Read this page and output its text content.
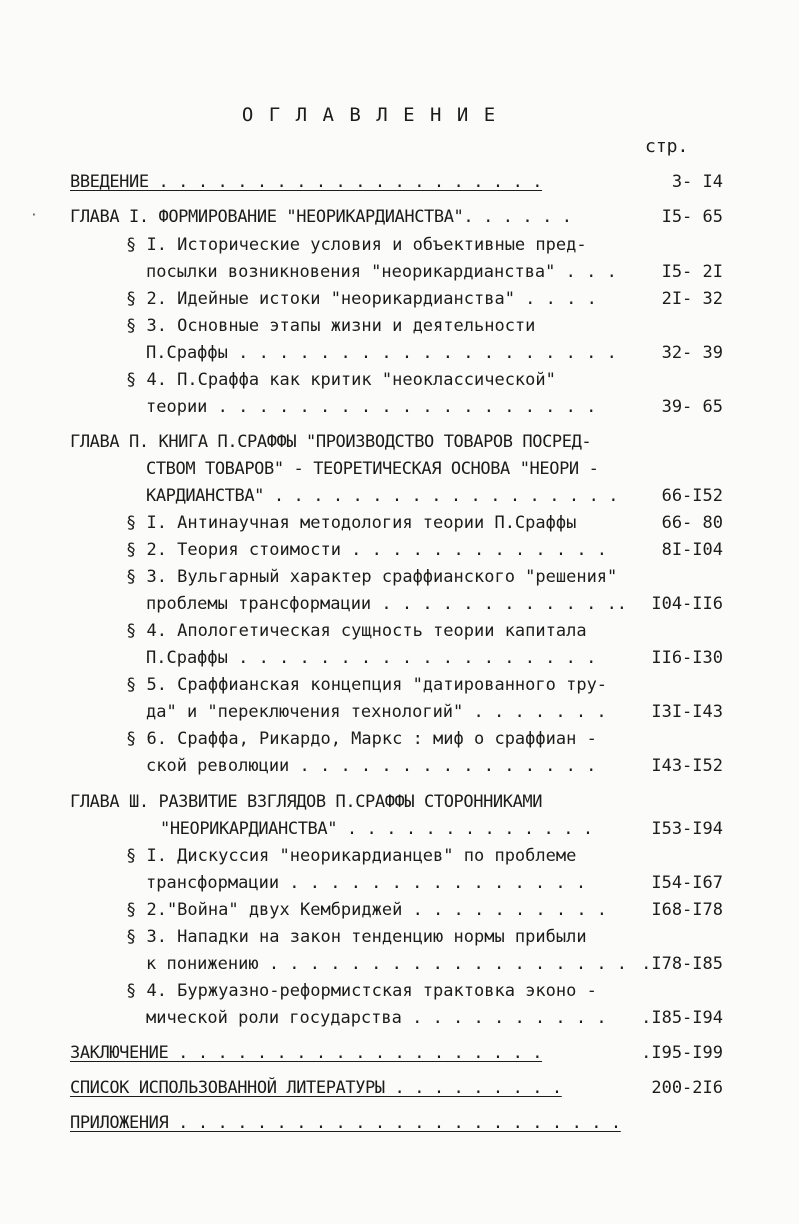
О Г Л А В Л Е Н И Е
стр.
·
ВВЕДЕНИЕ . . . . . . . . . . . . . . . . . . . .	3- I4
ГЛАВА I. ФОРМИРОВАНИЕ "НЕОРИКАРДИАНСТВА". . . . . .	I5- 65
§ I. Исторические условия и объективные пред-
посылки возникновения "неорикардианства" . . .	I5- 2I
§ 2. Идейные истоки "неорикардианства" . . . .	2I- 32
§ 3. Основные этапы жизни и деятельности
П.Сраффы . . . . . . . . . . . . . . . . . . .	32- 39
§ 4. П.Сраффа как критик "неоклассической"
теории . . . . . . . . . . . . . . . . . . .	39- 65
ГЛАВА П. КНИГА П.СРАФФЫ "ПРОИЗВОДСТВО ТОВАРОВ ПОСРЕД-
СТВОМ ТОВАРОВ" - ТЕОРЕТИЧЕСКАЯ ОСНОВА "НЕОРИ -
КАРДИАНСТВА" . . . . . . . . . . . . . . . . . .	66-I52
§ I. Антинаучная методология теории П.Сраффы	66- 80
§ 2. Теория стоимости . . . . . . . . . . . . .	8I-I04
§ 3. Вульгарный характер сраффианского "решения"
проблемы трансформации . . . . . . . . . . . .. I04-II6
§ 4. Апологетическая сущность теории капитала
П.Сраффы . . . . . . . . . . . . . . . . . .	II6-I30
§ 5. Сраффианская концепция "датированного тру-
да" и "переключения технологий" . . . . . . .	I3I-I43
§ 6. Сраффа, Рикардо, Маркс : миф о сраффиан -
ской революции . . . . . . . . . . . . . . .	I43-I52
ГЛАВА Ш. РАЗВИТИЕ ВЗГЛЯДОВ П.СРАФФЫ СТОРОННИКАМИ
"НЕОРИКАРДИАНСТВА" . . . . . . . . . . . . .	I53-I94
§ I. Дискуссия "неорикардианцев" по проблеме
трансформации . . . . . . . . . . . . . . .	I54-I67
§ 2."Война" двух Кембриджей . . . . . . . . . .	I68-I78
§ 3. Нападки на закон тенденцию нормы прибыли
к понижению . . . . . . . . . . . . . . . . . . .I78-I85
§ 4. Буржуазно-реформистская трактовка эконо -
мической роли государства . . . . . . . . . . .I85-I94
ЗАКЛЮЧЕНИЕ . . . . . . . . . . . . . . . . . . .	.I95-I99
СПИСОК ИСПОЛЬЗОВАННОЙ ЛИТЕРАТУРЫ . . . . . . . . .	200-2I6
ПРИЛОЖЕНИЯ . . . . . . . . . . . . . . . . . . . . . . .
